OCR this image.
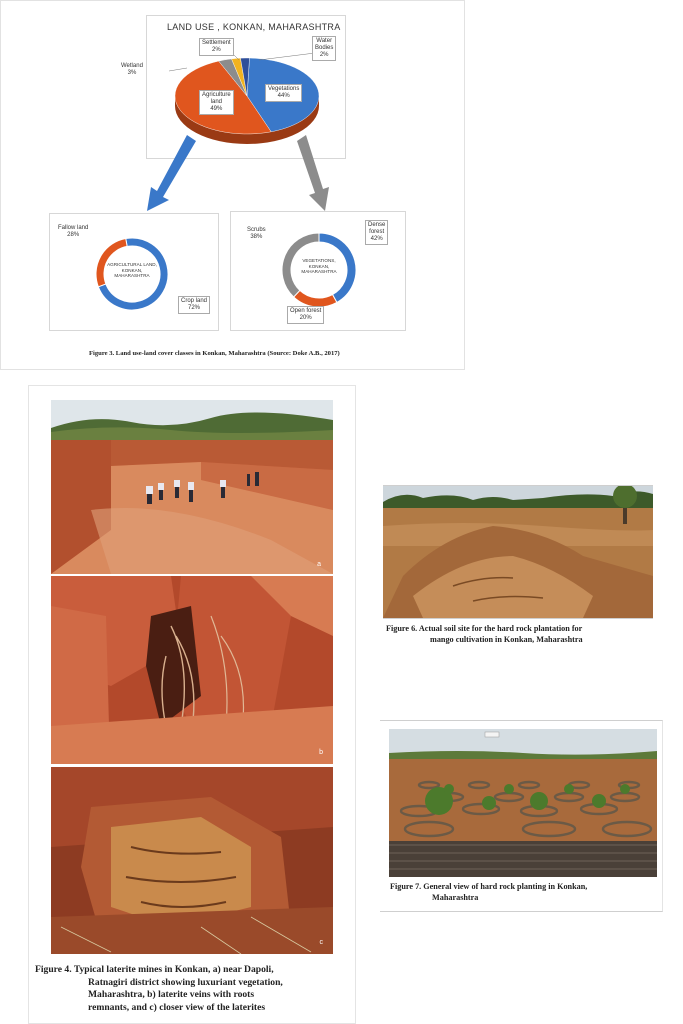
LAND USE , KONKAN, MAHARASHTRA
Settlement
2%
Water
Bodies
2%
Wetland
3%
Agriculture
land
49%
Vegetations
44%
AGRICULTURAL LAND,
KONKAN,
MAHARASHTRA
Fallow land
28%
Crop land
72%
VEGETATIONS,
KONKAN,
MAHARASHTRA
Scrubs
38%
Dense
forest
42%
Open forest
20%
Figure 3. Land use-land cover classes in Konkan, Maharashtra (Source: Doke A.B., 2017)
a
b
c
Figure 4. Typical laterite mines in Konkan, a) near Dapoli,
Ratnagiri district showing luxuriant vegetation,
Maharashtra, b) laterite veins with roots
remnants, and c) closer view of the laterites
Figure 6. Actual soil site for the hard rock plantation for
mango cultivation in Konkan, Maharashtra
Figure 7. General view of hard rock planting in Konkan,
Maharashtra
